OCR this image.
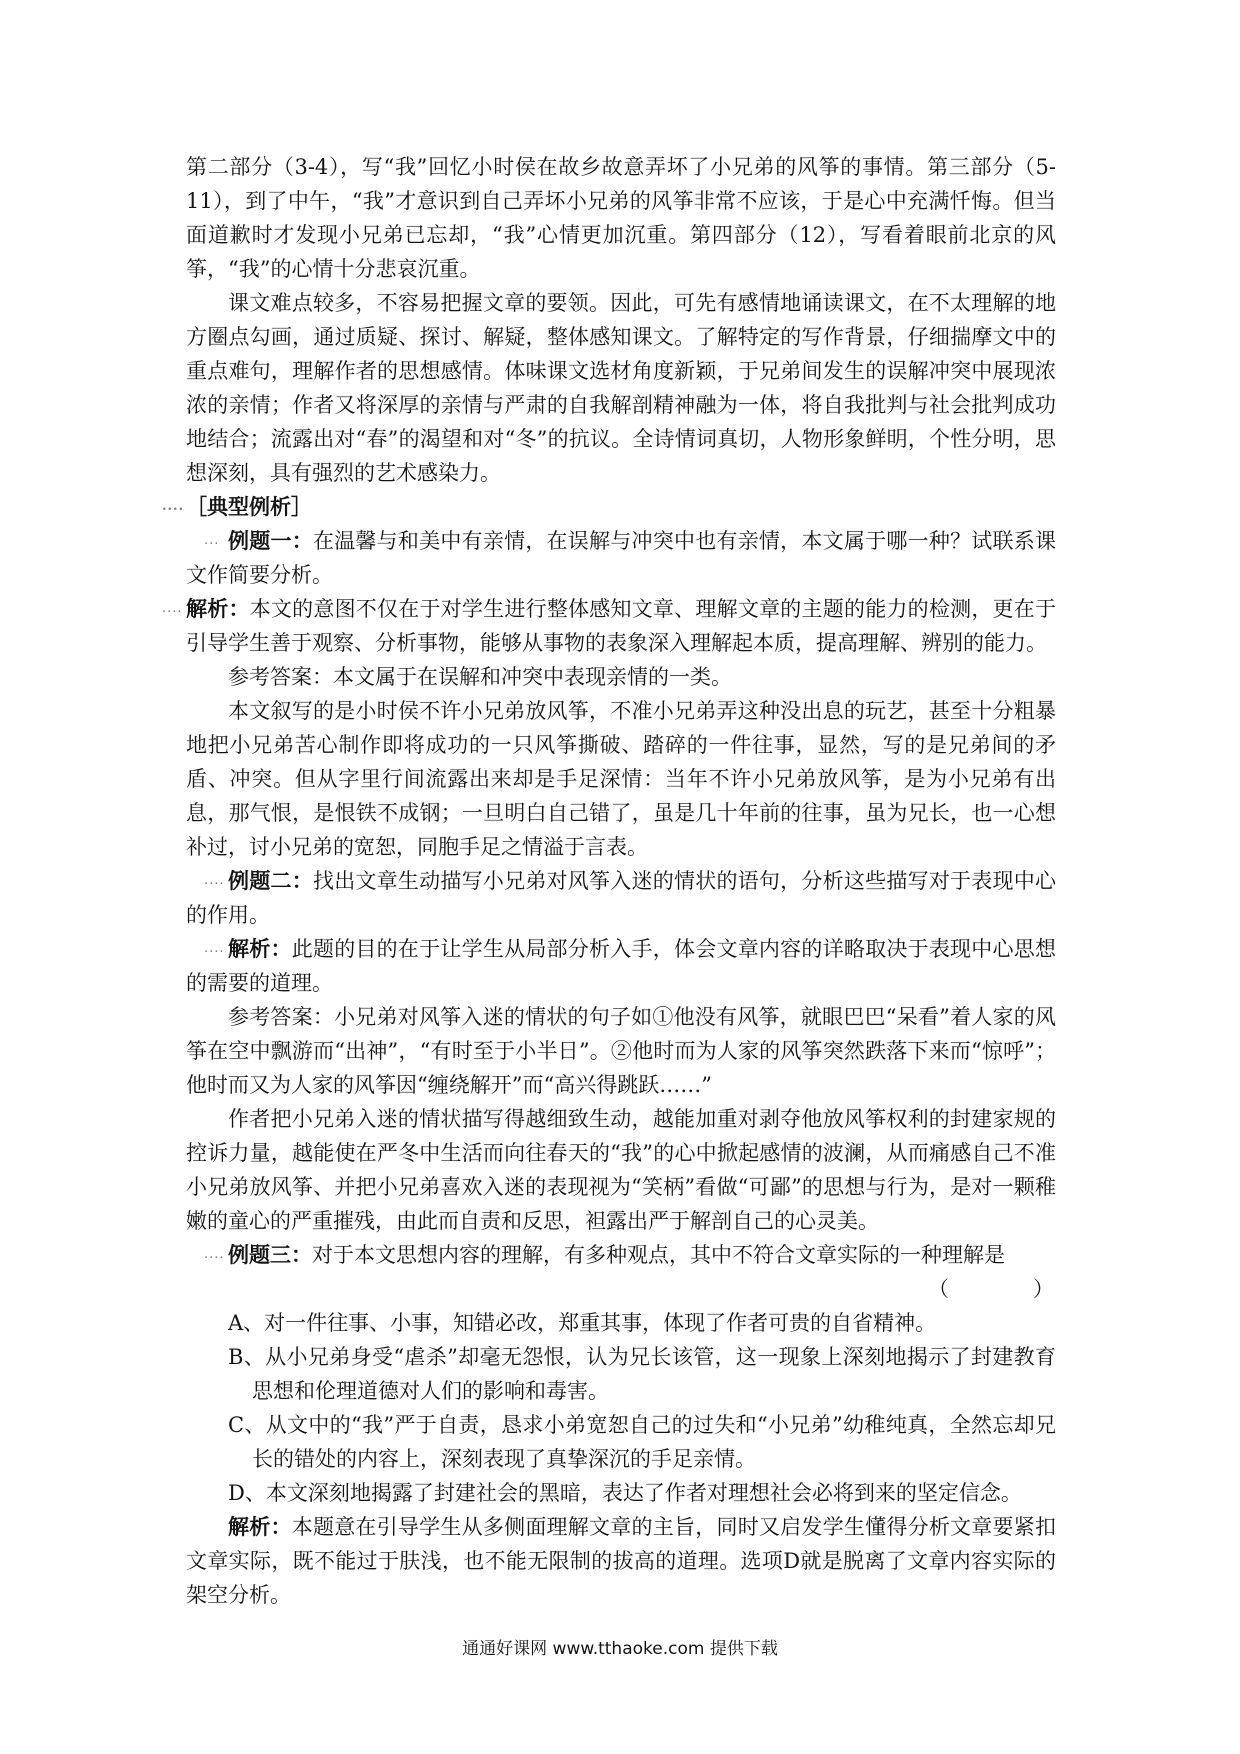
第二部分（3-4），写“我”回忆小时侯在故乡故意弄坏了小兄弟的风筝的事情。第三部分（5-11），到了中午，“我”才意识到自己弄坏小兄弟的风筝非常不应该，于是心中充满忏悔。但当面道歉时才发现小兄弟已忘却，“我”心情更加沉重。第四部分（12），写看着眼前北京的风筝，“我”的心情十分悲哀沉重。

课文难点较多，不容易把握文章的要领。因此，可先有感情地诵读课文，在不太理解的地方圈点勾画，通过质疑、探讨、解疑，整体感知课文。了解特定的写作背景，仔细揣摩文中的重点难句，理解作者的思想感情。体味课文选材角度新颖，于兄弟间发生的误解冲突中展现浓浓的亲情；作者又将深厚的亲情与严肃的自我解剖精神融为一体，将自我批判与社会批判成功地结合；流露出对“春”的渴望和对“冬”的抗议。全诗情词真切，人物形象鲜明，个性分明，思想深刻，具有强烈的艺术感染力。

.... ［典型例析］

... 例题一：在温馨与和美中有亲情，在误解与冲突中也有亲情，本文属于哪一种？试联系课文作简要分析。

.... 解析：本文的意图不仅在于对学生进行整体感知文章、理解文章的主题的能力的检测，更在于引导学生善于观察、分析事物，能够从事物的表象深入理解起本质，提高理解、辨别的能力。

参考答案：本文属于在误解和冲突中表现亲情的一类。

本文叙写的是小时侯不许小兄弟放风筝，不准小兄弟弄这种没出息的玩艺，甚至十分粗暴地把小兄弟苦心制作即将成功的一只风筝撕破、踏碎的一件往事，显然，写的是兄弟间的矛盾、冲突。但从字里行间流露出来却是手足深情：当年不许小兄弟放风筝，是为小兄弟有出息，那气恨，是恨铁不成钢；一旦明白自己错了，虽是几十年前的往事，虽为兄长，也一心想补过，讨小兄弟的宽恕，同胞手足之情溢于言表。

.... 例题二：找出文章生动描写小兄弟对风筝入迷的情状的语句，分析这些描写对于表现中心的作用。

.... 解析：此题的目的在于让学生从局部分析入手，体会文章内容的详略取决于表现中心思想的需要的道理。

参考答案：小兄弟对风筝入迷的情状的句子如①他没有风筝，就眼巴巴“呆看”着人家的风筝在空中飘游而“出神”，“有时至于小半日”。②他时而为人家的风筝突然跌落下来而“惊呼”；他时而又为人家的风筝因“缠绕解开”而“高兴得跳跃……”

作者把小兄弟入迷的情状描写得越细致生动，越能加重对剥夺他放风筝权利的封建家规的控诉力量，越能使在严冬中生活而向往春天的“我”的心中掀起感情的波澜，从而痛感自己不准小兄弟放风筝、并把小兄弟喜欢入迷的表现视为“笑柄”看做“可鄙”的思想与行为，是对一颗稚嫩的童心的严重摧残，由此而自责和反思，袒露出严于解剖自己的心灵美。

.... 例题三：对于本文思想内容的理解，有多种观点，其中不符合文章实际的一种理解是

（　　　　）

A、对一件往事、小事，知错必改，郑重其事，体现了作者可贵的自省精神。

B、从小兄弟身受“虐杀”却毫无怨恨，认为兄长该管，这一现象上深刻地揭示了封建教育思想和伦理道德对人们的影响和毒害。

C、从文中的“我”严于自责，恳求小弟宽恕自己的过失和“小兄弟”幼稚纯真，全然忘却兄长的错处的内容上，深刻表现了真挚深沉的手足亲情。

D、本文深刻地揭露了封建社会的黑暗，表达了作者对理想社会必将到来的坚定信念。

解析：本题意在引导学生从多侧面理解文章的主旨，同时又启发学生懂得分析文章要紧扣文章实际，既不能过于肤浅，也不能无限制的拔高的道理。选项D就是脱离了文章内容实际的架空分析。

通通好课网 www.tthaoke.com 提供下载
